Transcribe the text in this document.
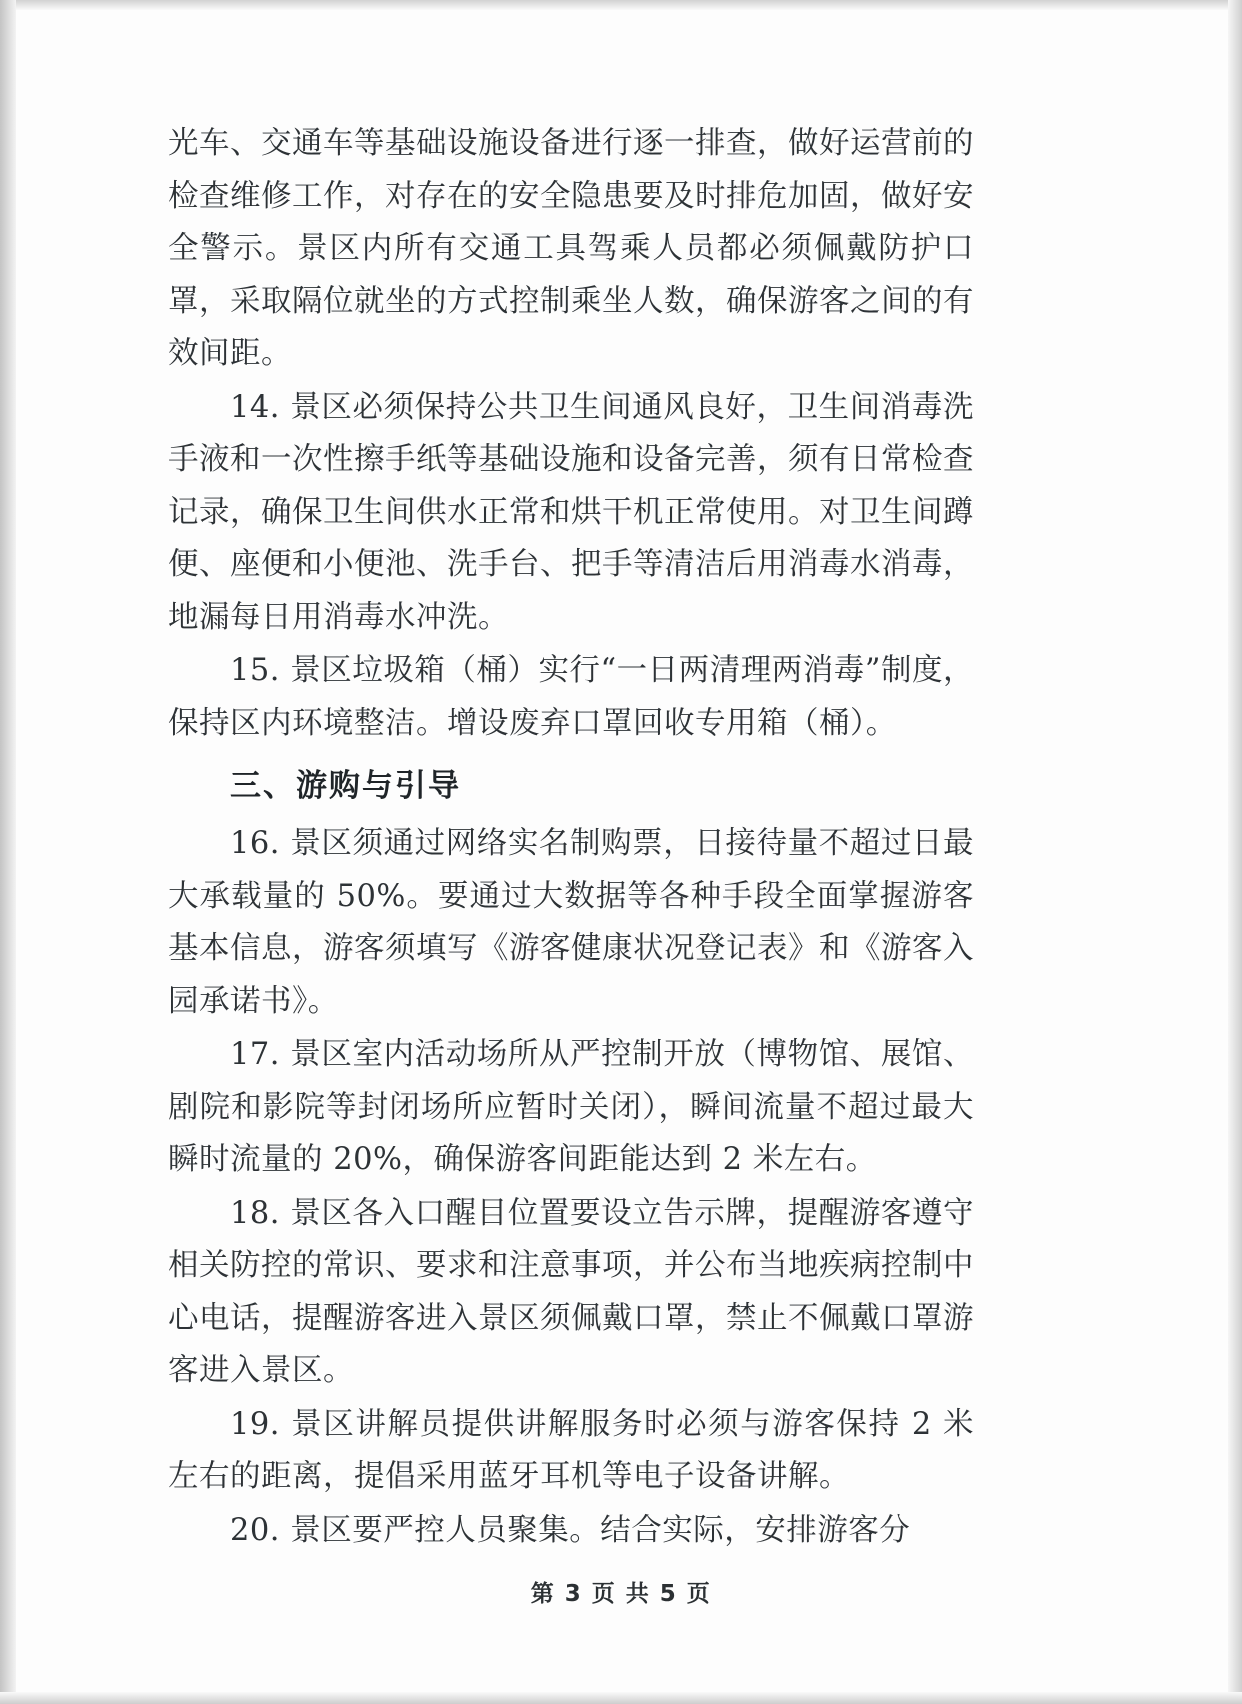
光车、交通车等基础设施设备进行逐一排查，做好运营前的检查维修工作，对存在的安全隐患要及时排危加固，做好安全警示。景区内所有交通工具驾乘人员都必须佩戴防护口罩，采取隔位就坐的方式控制乘坐人数，确保游客之间的有效间距。

14. 景区必须保持公共卫生间通风良好，卫生间消毒洗手液和一次性擦手纸等基础设施和设备完善，须有日常检查记录，确保卫生间供水正常和烘干机正常使用。对卫生间蹲便、座便和小便池、洗手台、把手等清洁后用消毒水消毒，地漏每日用消毒水冲洗。

15. 景区垃圾箱（桶）实行“一日两清理两消毒”制度，保持区内环境整洁。增设废弃口罩回收专用箱（桶）。

三、游购与引导

16. 景区须通过网络实名制购票，日接待量不超过日最大承载量的 50%。要通过大数据等各种手段全面掌握游客基本信息，游客须填写《游客健康状况登记表》和《游客入园承诺书》。

17. 景区室内活动场所从严控制开放（博物馆、展馆、剧院和影院等封闭场所应暂时关闭），瞬间流量不超过最大瞬时流量的 20%，确保游客间距能达到 2 米左右。

18. 景区各入口醒目位置要设立告示牌，提醒游客遵守相关防控的常识、要求和注意事项，并公布当地疾病控制中心电话，提醒游客进入景区须佩戴口罩，禁止不佩戴口罩游客进入景区。

19. 景区讲解员提供讲解服务时必须与游客保持 2 米左右的距离，提倡采用蓝牙耳机等电子设备讲解。

20. 景区要严控人员聚集。结合实际，安排游客分

第 3 页 共 5 页
